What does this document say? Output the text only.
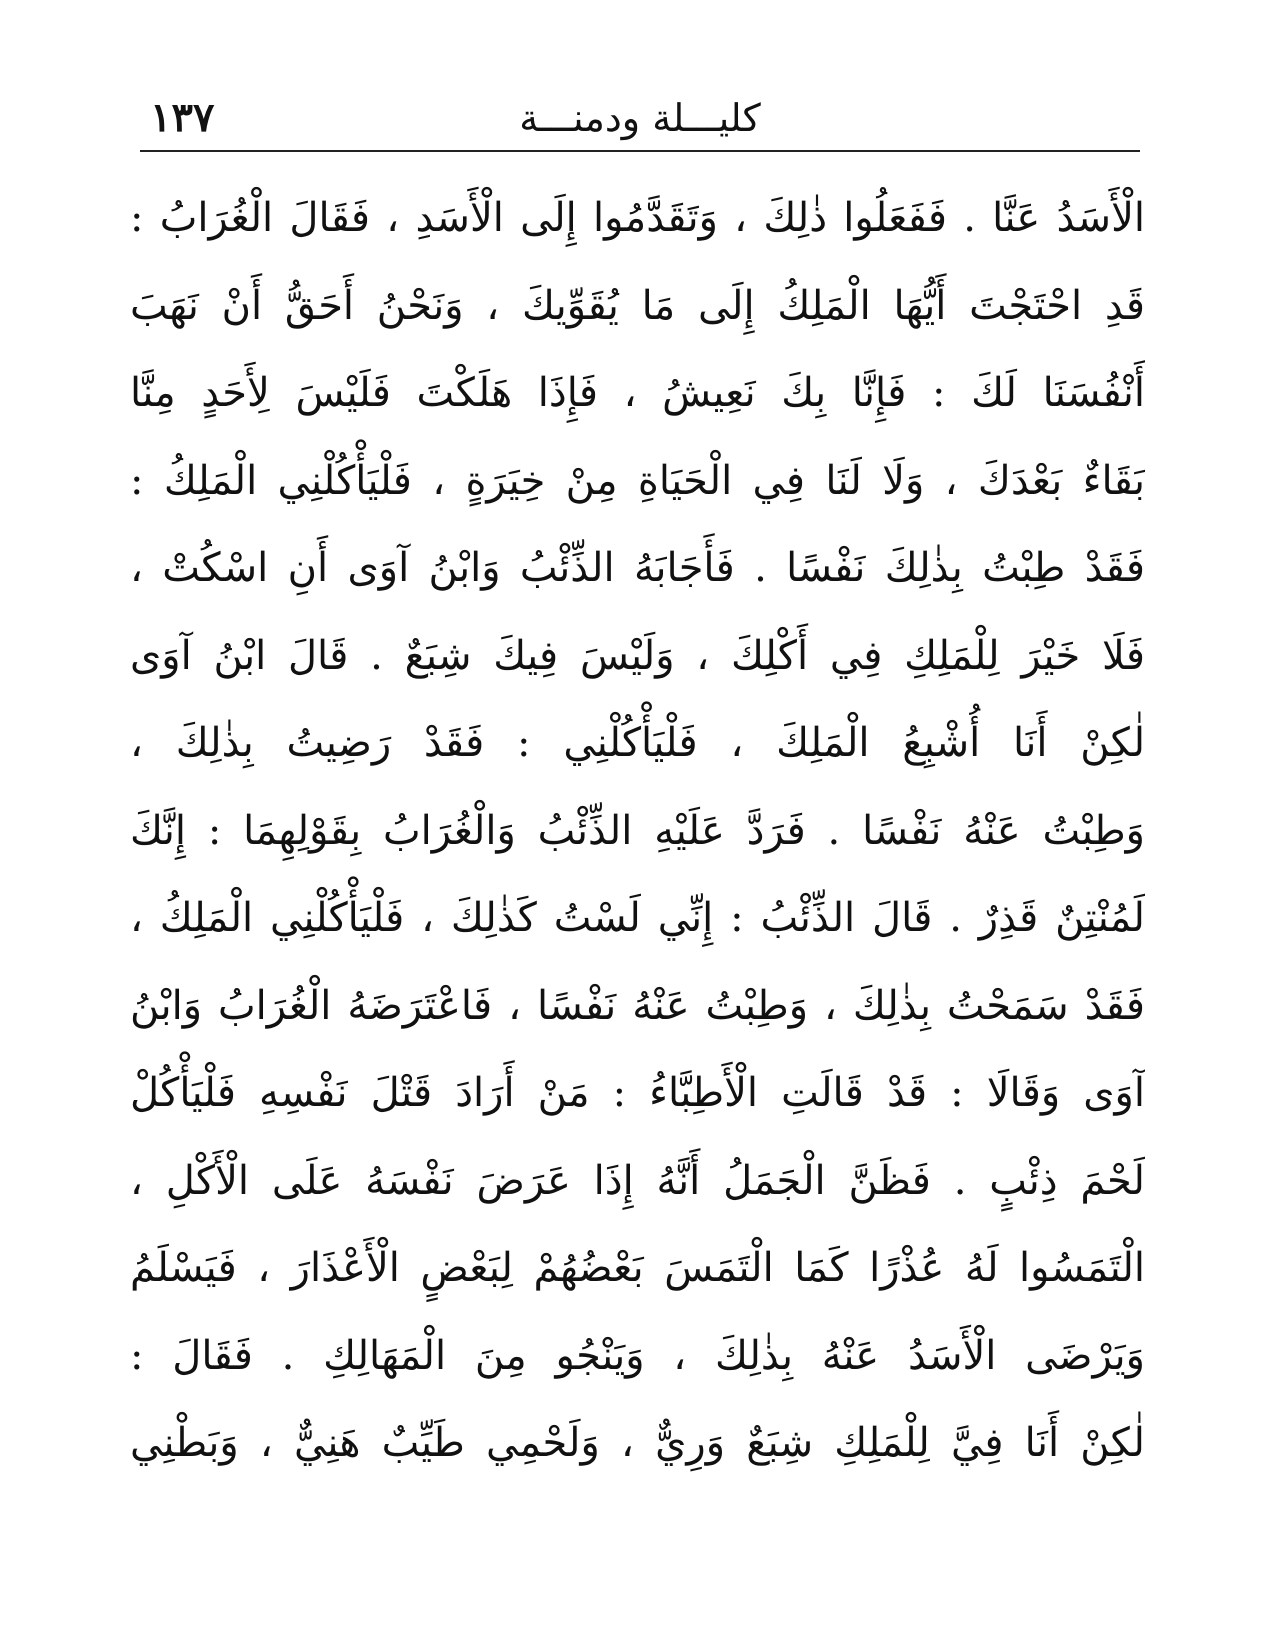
١٣٧	كليـــلة ودمنـــة
الْأَسَدُ عَنَّا . فَفَعَلُوا ذٰلِكَ ، وَتَقَدَّمُوا إِلَى الْأَسَدِ ، فَقَالَ الْغُرَابُ :
قَدِ احْتَجْتَ أَيُّهَا الْمَلِكُ إِلَى مَا يُقَوِّيكَ ، وَنَحْنُ أَحَقُّ أَنْ نَهَبَ
أَنْفُسَنَا لَكَ : فَإِنَّا بِكَ نَعِيشُ ، فَإِذَا هَلَكْتَ فَلَيْسَ لِأَحَدٍ مِنَّا
بَقَاءٌ بَعْدَكَ ، وَلَا لَنَا فِي الْحَيَاةِ مِنْ خِيَرَةٍ ، فَلْيَأْكُلْنِي الْمَلِكُ :
فَقَدْ طِبْتُ بِذٰلِكَ نَفْسًا . فَأَجَابَهُ الذِّئْبُ وَابْنُ آوَى أَنِ اسْكُتْ ،
فَلَا خَيْرَ لِلْمَلِكِ فِي أَكْلِكَ ، وَلَيْسَ فِيكَ شِبَعٌ . قَالَ ابْنُ آوَى
لٰكِنْ أَنَا أُشْبِعُ الْمَلِكَ ، فَلْيَأْكُلْنِي : فَقَدْ رَضِيتُ بِذٰلِكَ ،
وَطِبْتُ عَنْهُ نَفْسًا . فَرَدَّ عَلَيْهِ الذِّئْبُ وَالْغُرَابُ بِقَوْلِهِمَا : إِنَّكَ
لَمُنْتِنٌ قَذِرٌ . قَالَ الذِّئْبُ : إِنِّي لَسْتُ كَذٰلِكَ ، فَلْيَأْكُلْنِي الْمَلِكُ ،
فَقَدْ سَمَحْتُ بِذٰلِكَ ، وَطِبْتُ عَنْهُ نَفْسًا ، فَاعْتَرَضَهُ الْغُرَابُ وَابْنُ
آوَى وَقَالَا : قَدْ قَالَتِ الْأَطِبَّاءُ : مَنْ أَرَادَ قَتْلَ نَفْسِهِ فَلْيَأْكُلْ
لَحْمَ ذِئْبٍ . فَظَنَّ الْجَمَلُ أَنَّهُ إِذَا عَرَضَ نَفْسَهُ عَلَى الْأَكْلِ ،
الْتَمَسُوا لَهُ عُذْرًا كَمَا الْتَمَسَ بَعْضُهُمْ لِبَعْضٍ الْأَعْذَارَ ، فَيَسْلَمُ
وَيَرْضَى الْأَسَدُ عَنْهُ بِذٰلِكَ ، وَيَنْجُو مِنَ الْمَهَالِكِ . فَقَالَ :
لٰكِنْ أَنَا فِيَّ لِلْمَلِكِ شِبَعٌ وَرِيٌّ ، وَلَحْمِي طَيِّبٌ هَنِيٌّ ، وَبَطْنِي
